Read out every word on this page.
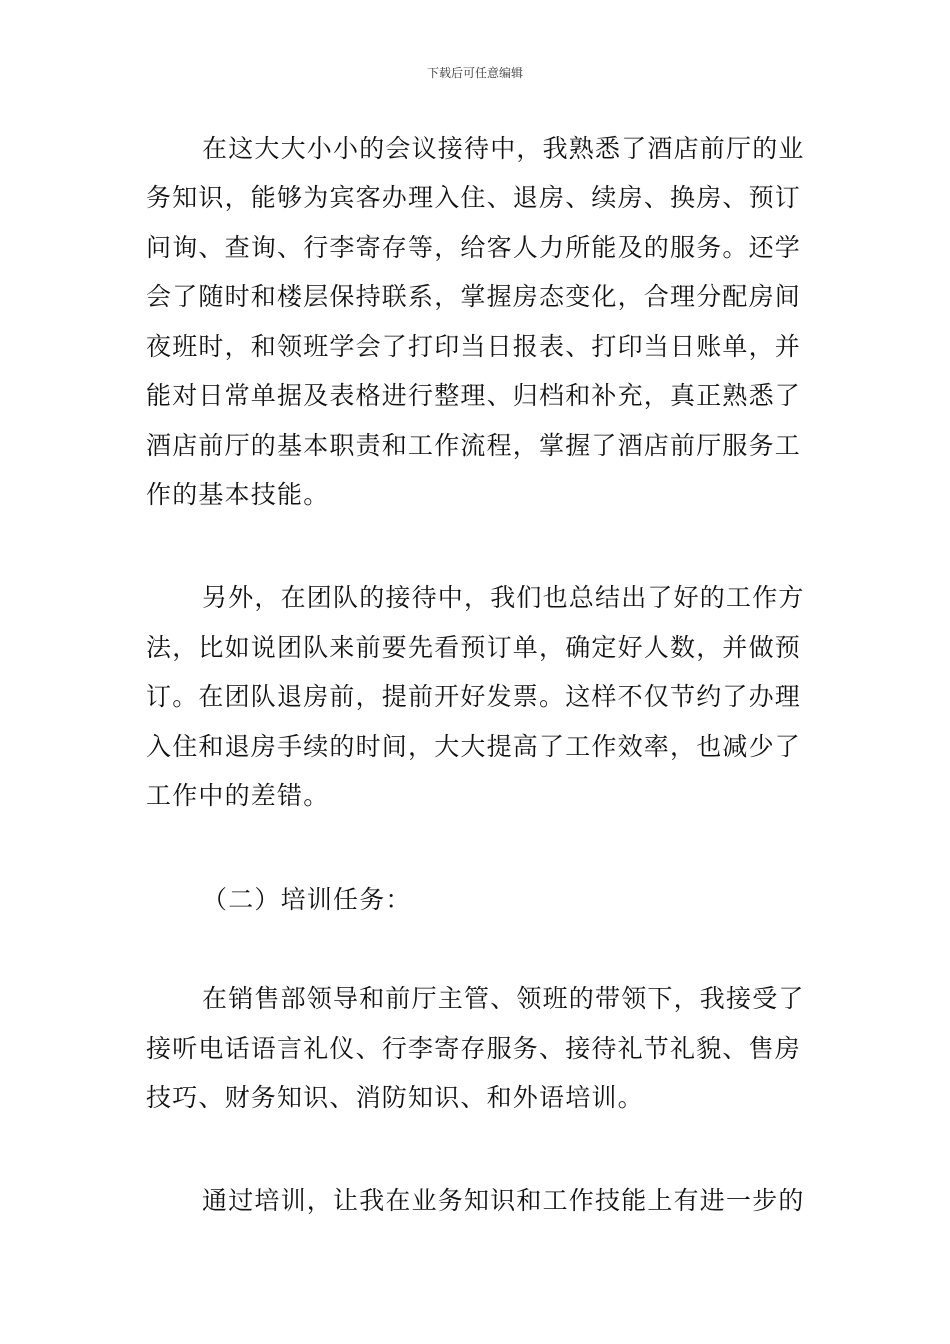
下载后可任意编辑
在这大大小小的会议接待中，我熟悉了酒店前厅的业
务知识，能够为宾客办理入住、退房、续房、换房、预订
问询、查询、行李寄存等，给客人力所能及的服务。还学
会了随时和楼层保持联系，掌握房态变化，合理分配房间
夜班时，和领班学会了打印当日报表、打印当日账单，并
能对日常单据及表格进行整理、归档和补充，真正熟悉了
酒店前厅的基本职责和工作流程，掌握了酒店前厅服务工
作的基本技能。
另外，在团队的接待中，我们也总结出了好的工作方
法，比如说团队来前要先看预订单，确定好人数，并做预
订。在团队退房前，提前开好发票。这样不仅节约了办理
入住和退房手续的时间，大大提高了工作效率，也减少了
工作中的差错。
（二）培训任务：
在销售部领导和前厅主管、领班的带领下，我接受了
接听电话语言礼仪、行李寄存服务、接待礼节礼貌、售房
技巧、财务知识、消防知识、和外语培训。
通过培训，让我在业务知识和工作技能上有进一步的
